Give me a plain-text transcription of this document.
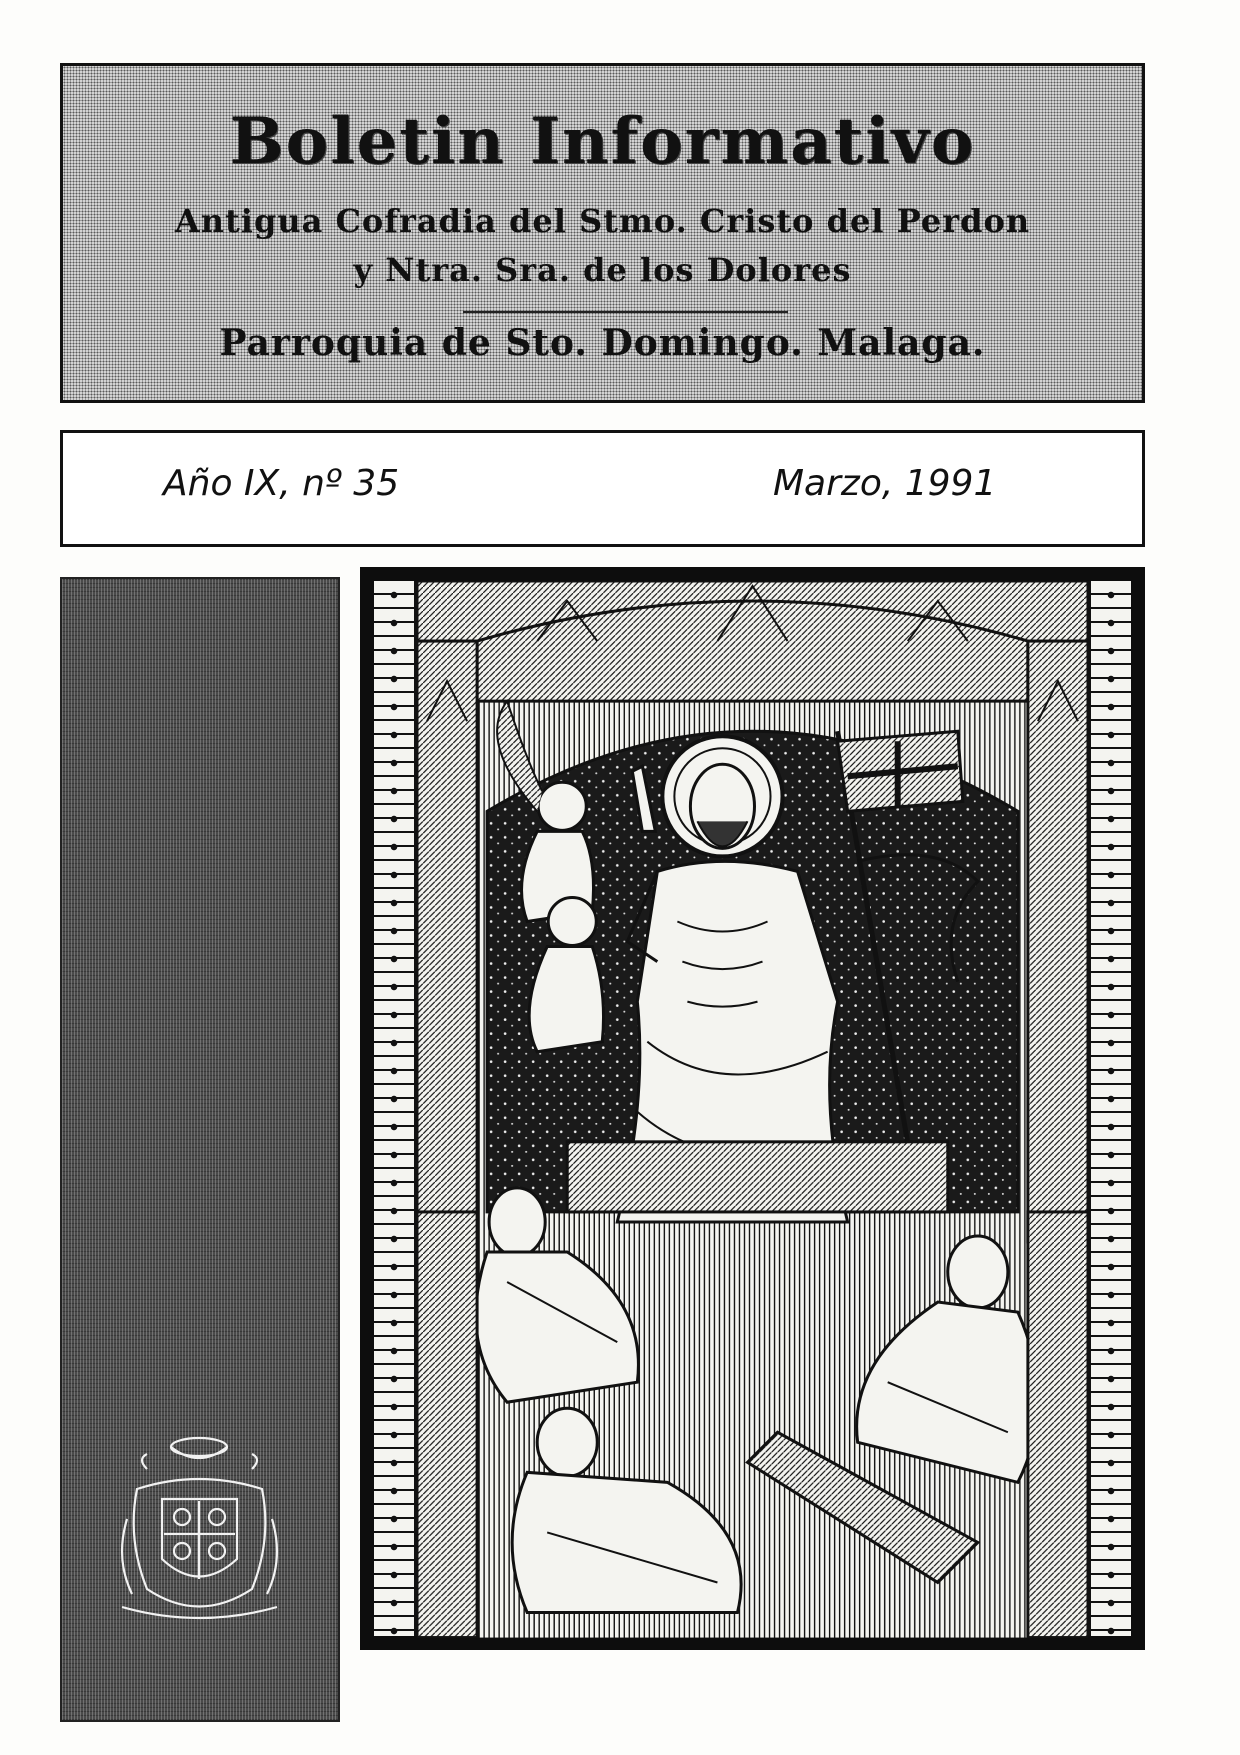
Boletin Informativo
Antigua Cofradia del Stmo. Cristo del Perdon
y Ntra. Sra. de los Dolores
Parroquia de Sto. Domingo. Malaga.
Año IX, nº 35	Marzo, 1991
